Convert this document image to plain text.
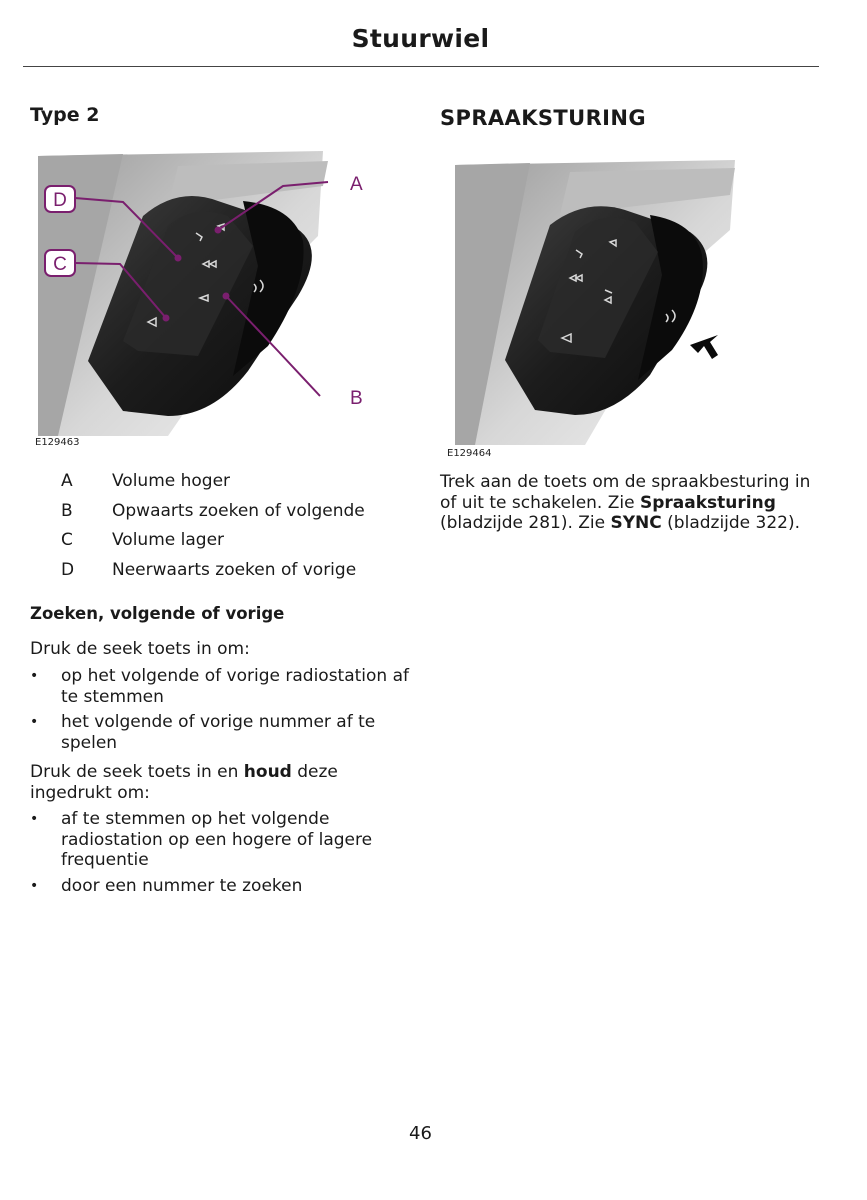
Stuurwiel
Type 2
D
C
A
B
E129463
A Volume hoger
B Opwaarts zoeken of volgende
C Volume lager
D Neerwaarts zoeken of vorige
Zoeken, volgende of vorige
Druk de seek toets in om:
• op het volgende of vorige radiostation af te stemmen
• het volgende of vorige nummer af te spelen
Druk de seek toets in en houd deze ingedrukt om:
• af te stemmen op het volgende radiostation op een hogere of lagere frequentie
• door een nummer te zoeken
SPRAAKSTURING
E129464
Trek aan de toets om de spraakbesturing in of uit te schakelen. Zie Spraaksturing (bladzijde 281). Zie SYNC (bladzijde 322).
46
